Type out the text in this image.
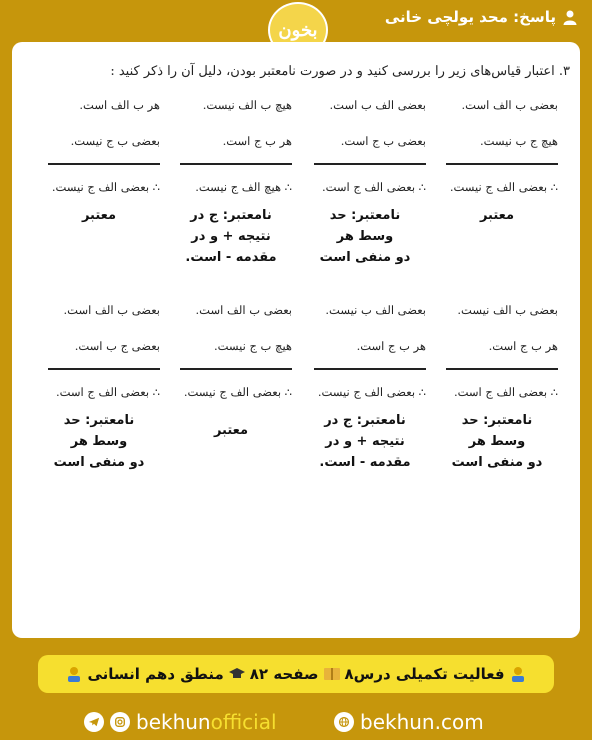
پاسخ: محد یولچی خانی
بخون
۳. اعتبار قیاس‌های زیر را بررسی کنید و در صورت نامعتبر بودن، دلیل آن را ذکر کنید :
بعضی ب الف است.
هیچ ج ب نیست.
∴ بعضی الف ج نیست.
معتبر
بعضی الف ب است.
بعضی ب ج است.
∴ بعضی الف ج است.
نامعتبر: حد
وسط هر
دو منفی است
هیچ ب الف نیست.
هر ب ج است.
∴ هیچ الف ج نیست.
نامعتبر: ج در
نتیجه + و در
مقدمه - است.
هر ب الف است.
بعضی ب ج نیست.
∴ بعضی الف ج نیست.
معتبر
بعضی ب الف نیست.
هر ب ج است.
∴ بعضی الف ج است.
نامعتبر: حد
وسط هر
دو منفی است
بعضی الف ب نیست.
هر ب ج است.
∴ بعضی الف ج نیست.
نامعتبر: ج در
نتیجه + و در
مقدمه - است.
بعضی ب الف است.
هیچ ب ج نیست.
∴ بعضی الف ج نیست.
معتبر
بعضی ب الف است.
بعضی ج ب است.
∴ بعضی الف ج است.
نامعتبر: حد
وسط هر
دو منفی است
فعالیت تکمیلی درس۸
صفحه ۸۲
منطق دهم انسانی
bekhunofficial	bekhun.com
